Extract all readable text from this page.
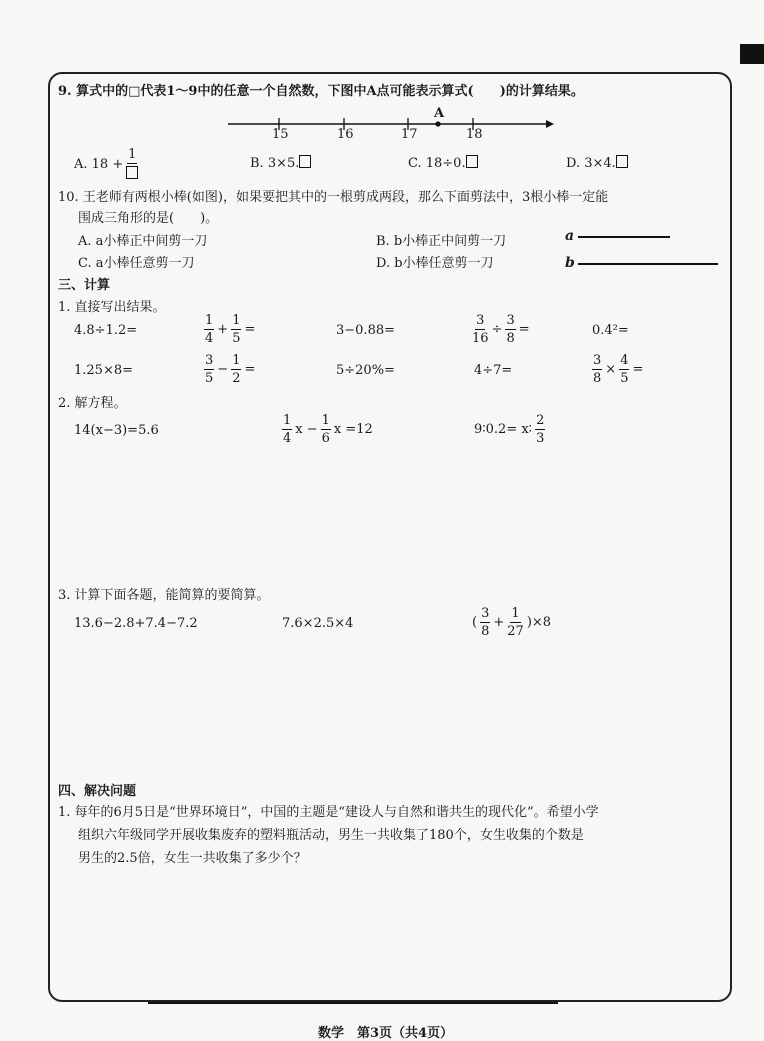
9. 算式中的□代表1～9中的任意一个自然数，下图中A点可能表示算式(　　)的计算结果。
A
15	16	17	18
A. 18 +
1
B. 3×5.	C. 18÷0.	D. 3×4.
10. 王老师有两根小棒(如图)，如果要把其中的一根剪成两段，那么下面剪法中，3根小棒一定能
围成三角形的是(　　)。
A. a小棒正中间剪一刀	B. b小棒正中间剪一刀
C. a小棒任意剪一刀	D. b小棒任意剪一刀
a
b
三、计算
1. 直接写出结果。
4.8÷1.2=	$\frac{1}{4} + \frac{1}{5}$ =	3−0.88=	$\frac{3}{16} \div \frac{3}{8}$ =	0.4²=
1.25×8=	$\frac{3}{5} - \frac{1}{2}$ =	5÷20%=	4÷7=	$\frac{3}{8} \times \frac{4}{5}$ =
2. 解方程。
14(x−3)=5.6	$\frac{1}{4}$ $x - \frac{1}{6}$ x =12	9∶0.2= x∶ $\frac{2}{3}$
3. 计算下面各题，能简算的要简算。
13.6−2.8+7.4−7.2	7.6×2.5×4	( $\frac{3}{8} + \frac{1}{27} )\times 8$
四、解决问题
1. 每年的6月5日是“世界环境日”，中国的主题是“建设人与自然和谐共生的现代化”。希望小学
组织六年级同学开展收集废弃的塑料瓶活动，男生一共收集了180个，女生收集的个数是
男生的2.5倍，女生一共收集了多少个？
数学　第3页（共4页）
